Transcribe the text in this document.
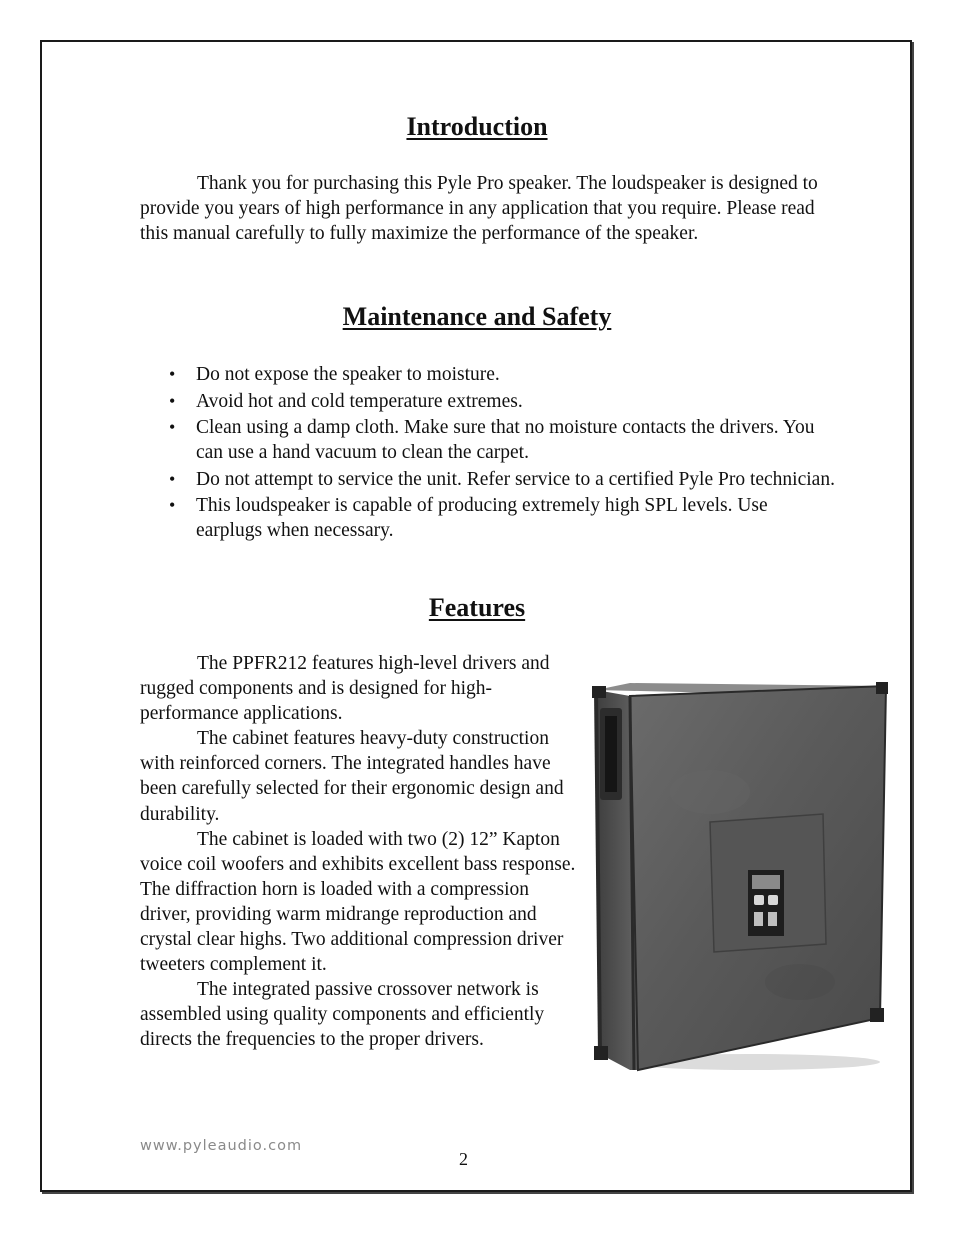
Introduction

Thank you for purchasing this Pyle Pro speaker. The loudspeaker is designed to provide you years of high performance in any application that you require. Please read this manual carefully to fully maximize the performance of the speaker.

Maintenance and Safety
• Do not expose the speaker to moisture.
• Avoid hot and cold temperature extremes.
• Clean using a damp cloth. Make sure that no moisture contacts the drivers. You can use a hand vacuum to clean the carpet.
• Do not attempt to service the unit. Refer service to a certified Pyle Pro technician.
• This loudspeaker is capable of producing extremely high SPL levels. Use earplugs when necessary.
Features

The PPFR212 features high-level drivers and rugged components and is designed for high-performance applications.

The cabinet features heavy-duty construction with reinforced corners. The integrated handles have been carefully selected for their ergonomic design and durability.

The cabinet is loaded with two (2) 12” Kapton voice coil woofers and exhibits excellent bass response. The diffraction horn is loaded with a compression driver, providing warm midrange reproduction and crystal clear highs. Two additional compression driver tweeters complement it.

The integrated passive crossover network is assembled using quality components and efficiently directs the frequencies to the proper drivers.

www.pyleaudio.com
2
